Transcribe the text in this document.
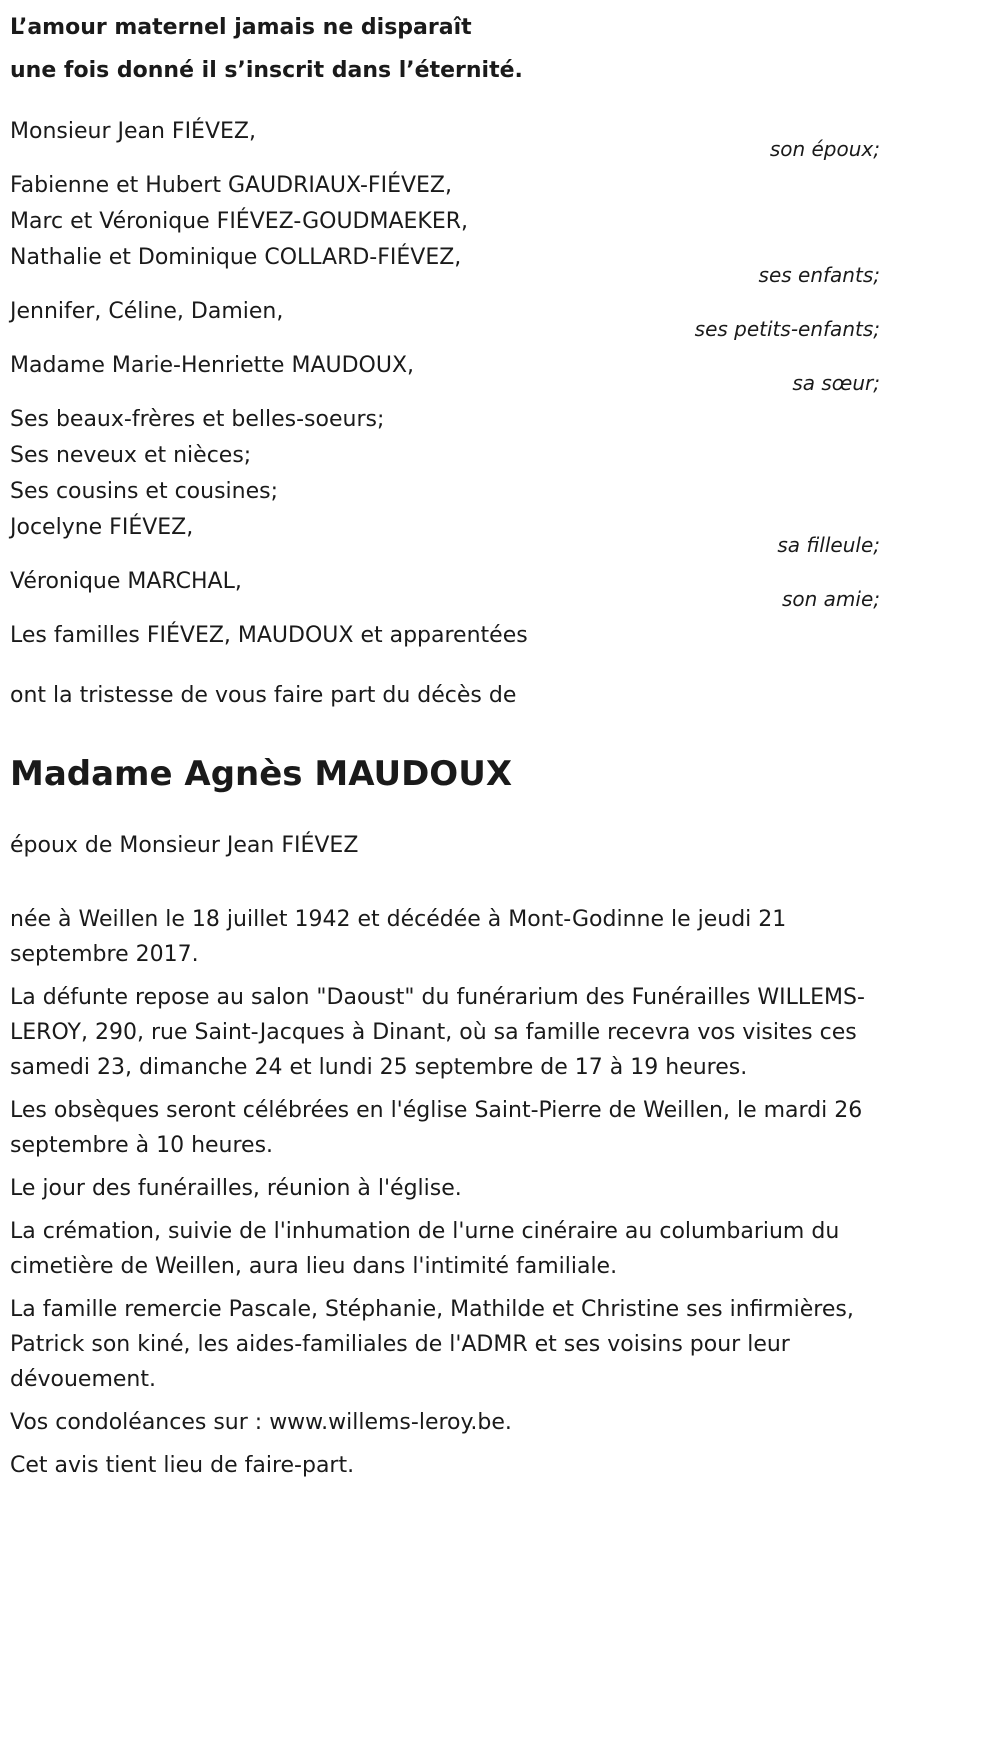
L’amour maternel jamais ne disparaît
une fois donné il s’inscrit dans l’éternité.
Monsieur Jean FIÉVEZ,
son époux;
Fabienne et Hubert GAUDRIAUX-FIÉVEZ,
Marc et Véronique FIÉVEZ-GOUDMAEKER,
Nathalie et Dominique COLLARD-FIÉVEZ,
ses enfants;
Jennifer, Céline, Damien,
ses petits-enfants;
Madame Marie-Henriette MAUDOUX,
sa sœur;
Ses beaux-frères et belles-soeurs;
Ses neveux et nièces;
Ses cousins et cousines;
Jocelyne FIÉVEZ,
sa filleule;
Véronique MARCHAL,
son amie;
Les familles FIÉVEZ, MAUDOUX et apparentées
ont la tristesse de vous faire part du décès de
Madame Agnès MAUDOUX
époux de Monsieur Jean FIÉVEZ

née à Weillen le 18 juillet 1942 et décédée à Mont-Godinne le jeudi 21 septembre 2017.

La défunte repose au salon "Daoust" du funérarium des Funérailles WILLEMS-LEROY, 290, rue Saint-Jacques à Dinant, où sa famille recevra vos visites ces samedi 23, dimanche 24 et lundi 25 septembre de 17 à 19 heures.

Les obsèques seront célébrées en l'église Saint-Pierre de Weillen, le mardi 26 septembre à 10 heures.

Le jour des funérailles, réunion à l'église.

La crémation, suivie de l'inhumation de l'urne cinéraire au columbarium du cimetière de Weillen, aura lieu dans l'intimité familiale.

La famille remercie Pascale, Stéphanie, Mathilde et Christine ses infirmières, Patrick son kiné, les aides-familiales de l'ADMR et ses voisins pour leur dévouement.

Vos condoléances sur : www.willems-leroy.be.

Cet avis tient lieu de faire-part.
